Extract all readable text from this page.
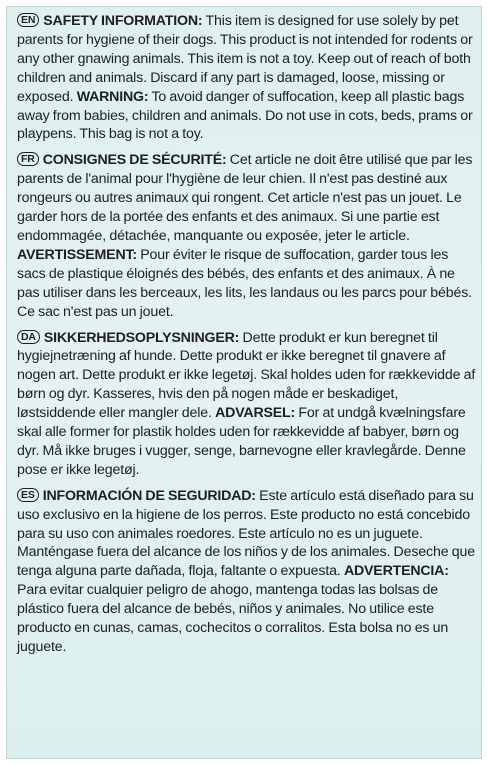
EN SAFETY INFORMATION: This item is designed for use solely by pet parents for hygiene of their dogs. This product is not intended for rodents or any other gnawing animals. This item is not a toy. Keep out of reach of both children and animals. Discard if any part is damaged, loose, missing or exposed. WARNING: To avoid danger of suffocation, keep all plastic bags away from babies, children and animals. Do not use in cots, beds, prams or playpens. This bag is not a toy.

FR CONSIGNES DE SÉCURITÉ: Cet article ne doit être utilisé que par les parents de l'animal pour l'hygiène de leur chien. Il n'est pas destiné aux rongeurs ou autres animaux qui rongent. Cet article n'est pas un jouet. Le garder hors de la portée des enfants et des animaux. Si une partie est endommagée, détachée, manquante ou exposée, jeter le article. AVERTISSEMENT: Pour éviter le risque de suffocation, garder tous les sacs de plastique éloignés des bébés, des enfants et des animaux. À ne pas utiliser dans les berceaux, les lits, les landaus ou les parcs pour bébés. Ce sac n'est pas un jouet.

DA SIKKERHEDSOPLYSNINGER: Dette produkt er kun beregnet til hygiejnetræning af hunde. Dette produkt er ikke beregnet til gnavere af nogen art. Dette produkt er ikke legetøj. Skal holdes uden for rækkevidde af børn og dyr. Kasseres, hvis den på nogen måde er beskadiget, løstsiddende eller mangler dele. ADVARSEL: For at undgå kvælningsfare skal alle former for plastik holdes uden for rækkevidde af babyer, børn og dyr. Må ikke bruges i vugger, senge, barnevogne eller kravlegårde. Denne pose er ikke legetøj.

ES INFORMACIÓN DE SEGURIDAD: Este artículo está diseñado para su uso exclusivo en la higiene de los perros. Este producto no está concebido para su uso con animales roedores. Este artículo no es un juguete. Manténgase fuera del alcance de los niños y de los animales. Deseche que tenga alguna parte dañada, floja, faltante o expuesta. ADVERTENCIA: Para evitar cualquier peligro de ahogo, mantenga todas las bolsas de plástico fuera del alcance de bebés, niños y animales. No utilice este producto en cunas, camas, cochecitos o corralitos. Esta bolsa no es un juguete.
